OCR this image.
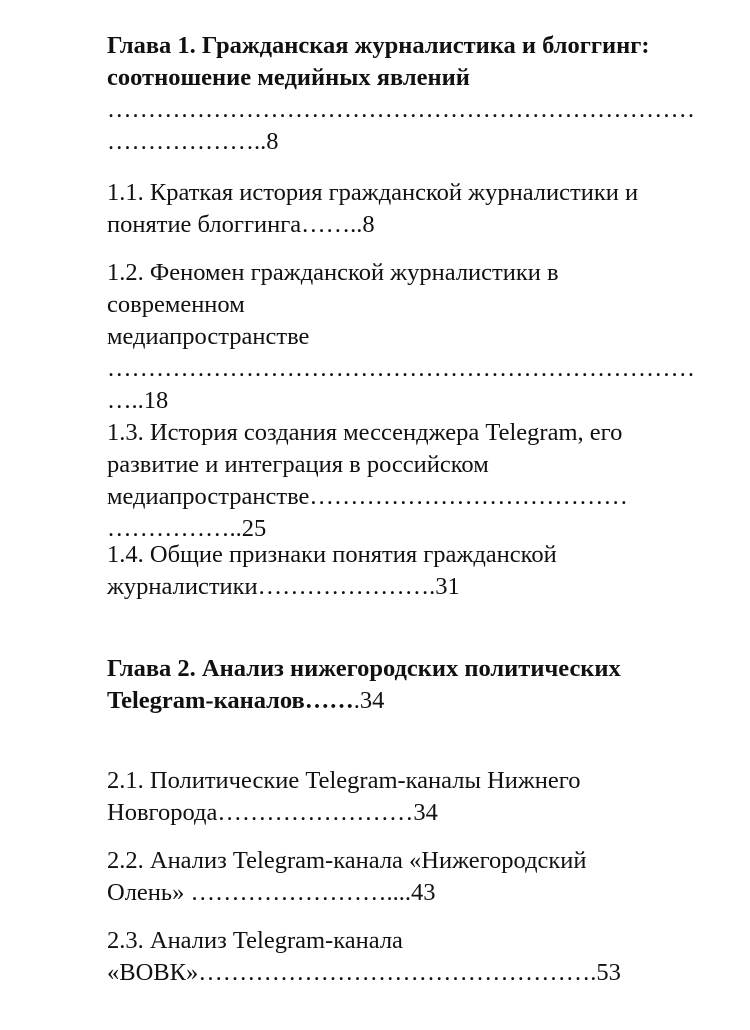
Глава 1. Гражданская журналистика и блоггинг:
соотношение медийных явлений
………………………………………………………………
………………..8
1.1. Краткая история гражданской журналистики и
понятие блоггинга……..8
1.2. Феномен гражданской журналистики в
современном
медиапространстве
………………………………………………………………
…..18
1.3. История создания мессенджера Telegram, его
развитие и интеграция в российском
медиапространстве…………………………………
……………..25
1.4. Общие признаки понятия гражданской
журналистики………………….31
Глава 2. Анализ нижегородских политических
Telegram-каналов…….34
2.1. Политические Telegram-каналы Нижнего
Новгорода……………………34
2.2. Анализ Telegram-канала «Нижегородский
Олень» ……………………....43
2.3. Анализ Telegram-канала
«ВОВК»………………………………………….53
